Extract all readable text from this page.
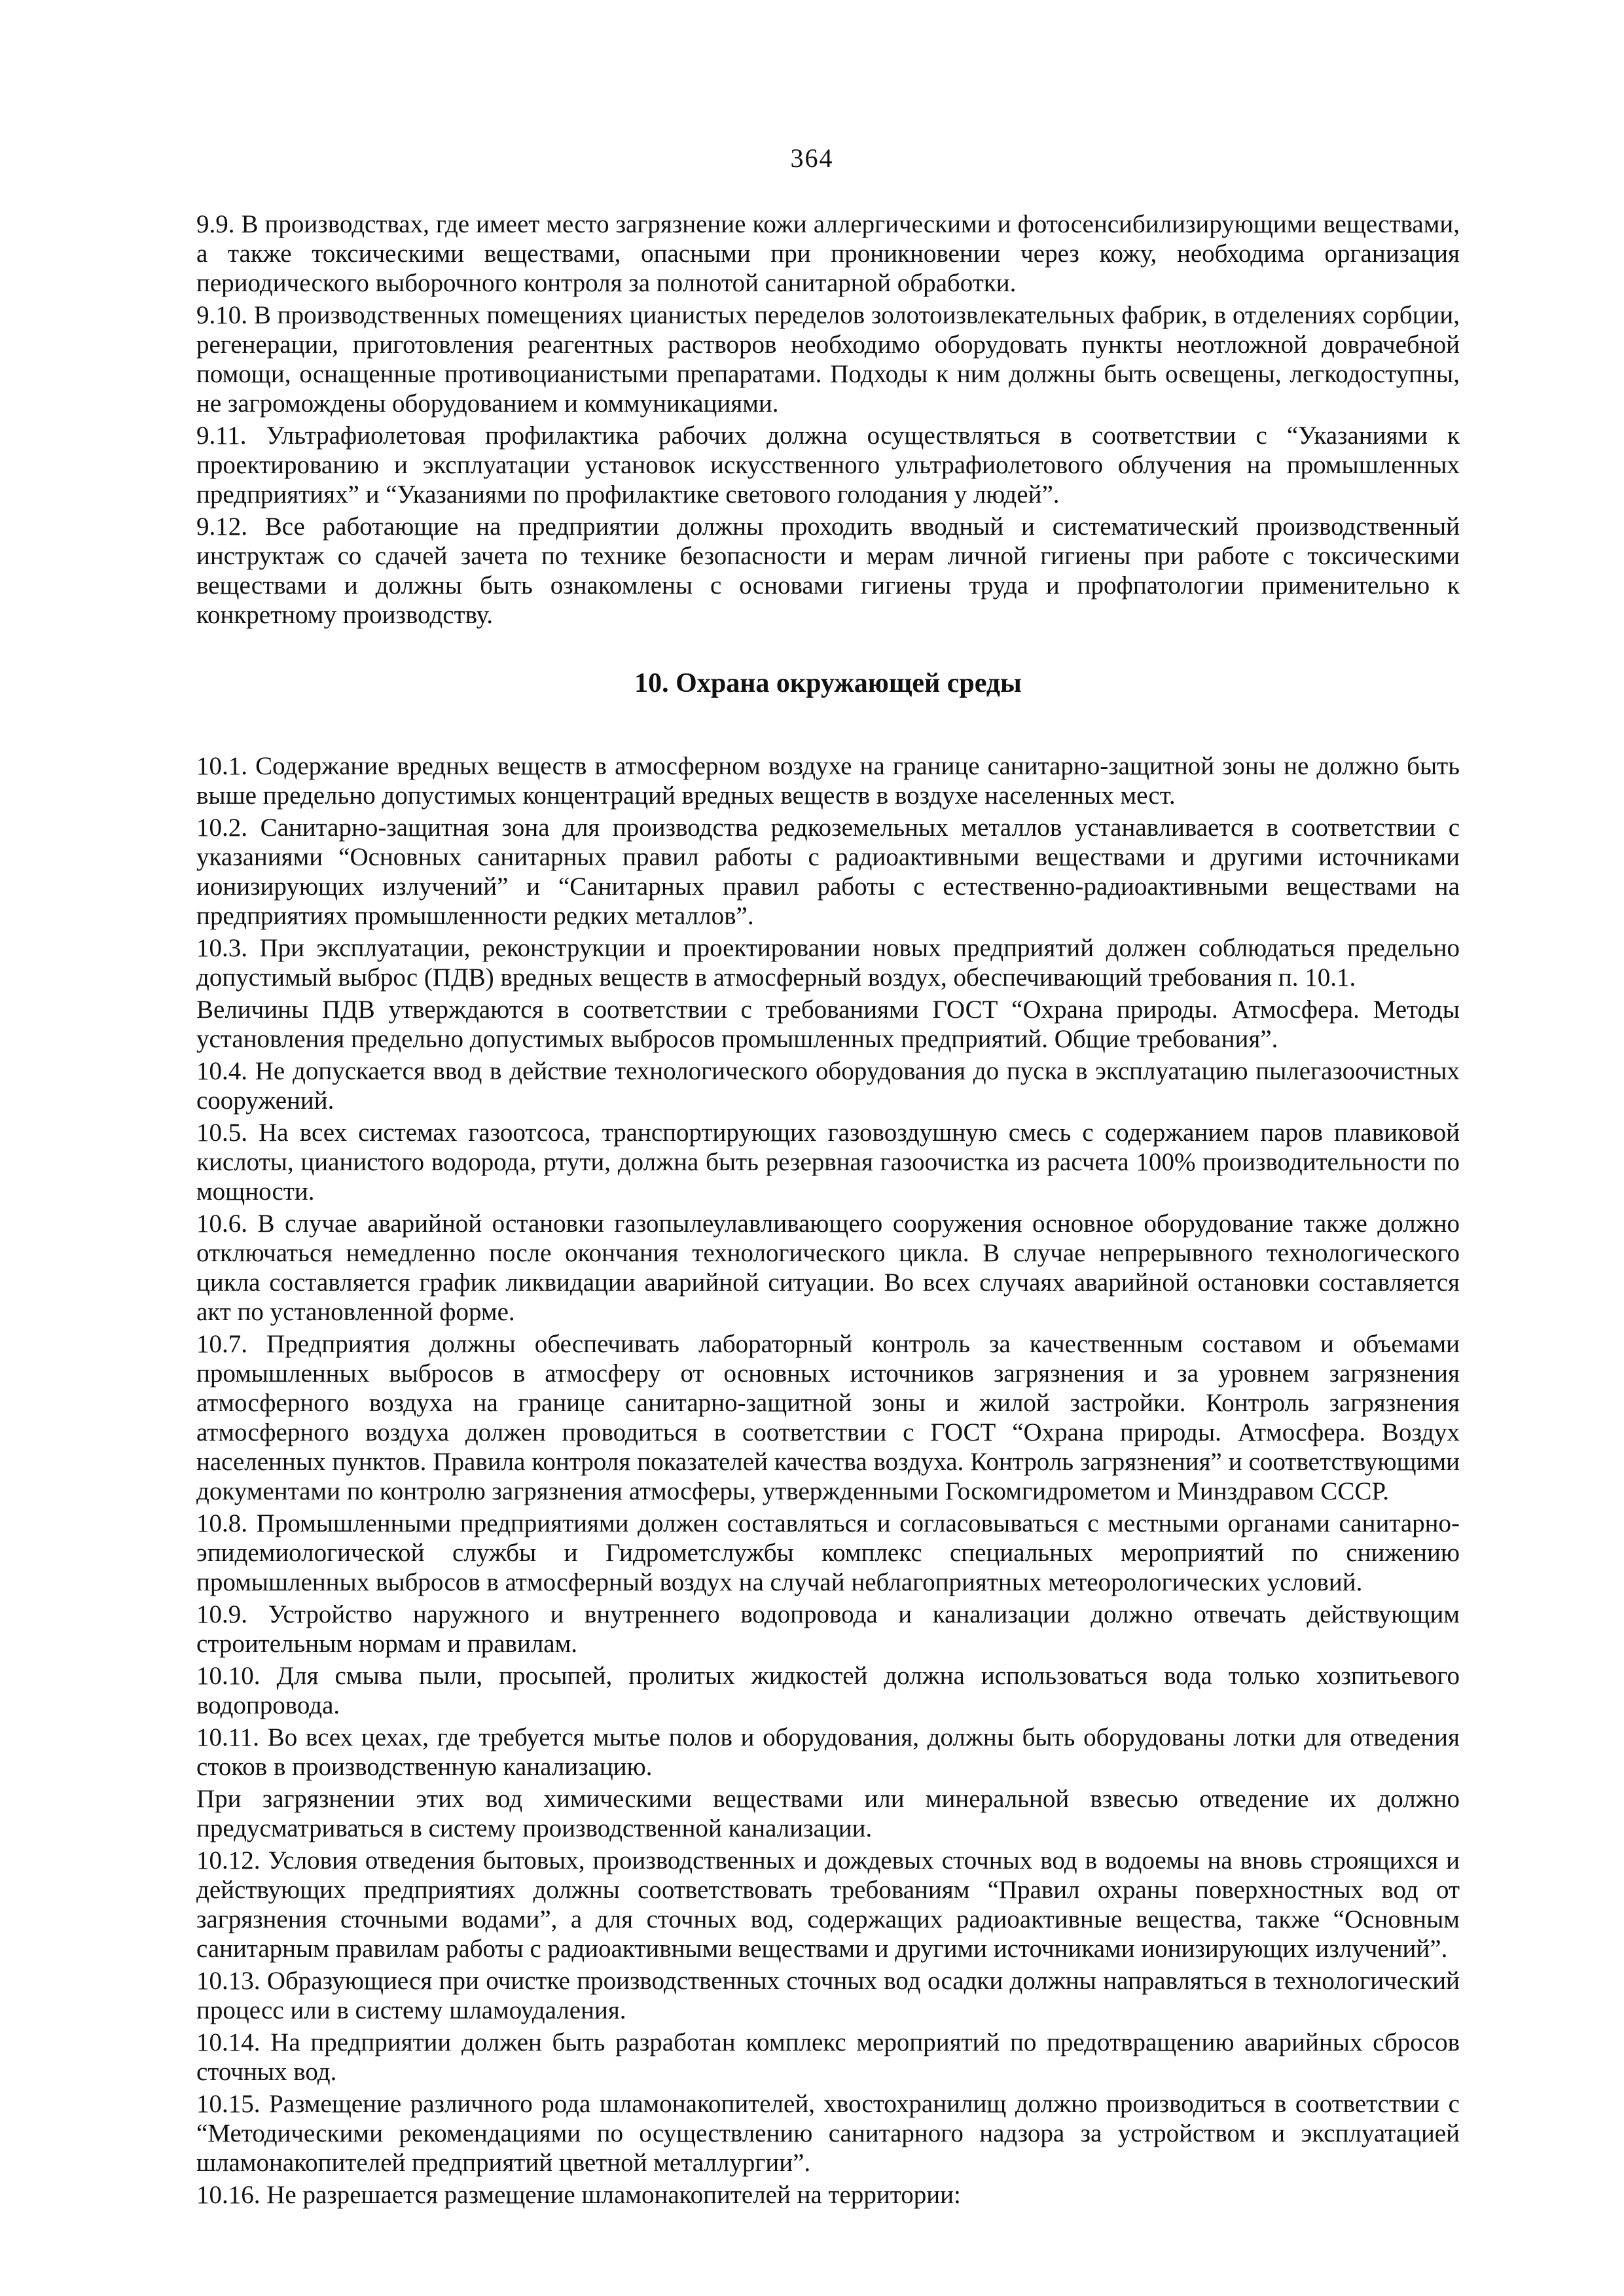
364

9.9. В производствах, где имеет место загрязнение кожи аллергическими и фотосенсибилизирующими веществами, а также токсическими веществами, опасными при проникновении через кожу, необходима организация периодического выборочного контроля за полнотой санитарной обработки.

9.10. В производственных помещениях цианистых переделов золотоизвлекательных фабрик, в отделениях сорбции, регенерации, приготовления реагентных растворов необходимо оборудовать пункты неотложной доврачебной помощи, оснащенные противоцианистыми препаратами. Подходы к ним должны быть освещены, легкодоступны, не загромождены оборудованием и коммуникациями.

9.11. Ультрафиолетовая профилактика рабочих должна осуществляться в соответствии с “Указаниями к проектированию и эксплуатации установок искусственного ультрафиолетового облучения на промышленных предприятиях” и “Указаниями по профилактике светового голодания у людей”.

9.12. Все работающие на предприятии должны проходить вводный и систематический производственный инструктаж со сдачей зачета по технике безопасности и мерам личной гигиены при работе с токсическими веществами и должны быть ознакомлены с основами гигиены труда и профпатологии применительно к конкретному производству.

10. Охрана окружающей среды

10.1. Содержание вредных веществ в атмосферном воздухе на границе санитарно-защитной зоны не должно быть выше предельно допустимых концентраций вредных веществ в воздухе населенных мест.

10.2. Санитарно-защитная зона для производства редкоземельных металлов устанавливается в соответствии с указаниями “Основных санитарных правил работы с радиоактивными веществами и другими источниками ионизирующих излучений” и “Санитарных правил работы с естественно-радиоактивными веществами на предприятиях промышленности редких металлов”.

10.3. При эксплуатации, реконструкции и проектировании новых предприятий должен соблюдаться предельно допустимый выброс (ПДВ) вредных веществ в атмосферный воздух, обеспечивающий требования п. 10.1.

Величины ПДВ утверждаются в соответствии с требованиями ГОСТ “Охрана природы. Атмосфера. Методы установления предельно допустимых выбросов промышленных предприятий. Общие требования”.

10.4. Не допускается ввод в действие технологического оборудования до пуска в эксплуатацию пылегазоочистных сооружений.

10.5. На всех системах газоотсоса, транспортирующих газовоздушную смесь с содержанием паров плавиковой кислоты, цианистого водорода, ртути, должна быть резервная газоочистка из расчета 100% производительности по мощности.

10.6. В случае аварийной остановки газопылеулавливающего сооружения основное оборудование также должно отключаться немедленно после окончания технологического цикла. В случае непрерывного технологического цикла составляется график ликвидации аварийной ситуации. Во всех случаях аварийной остановки составляется акт по установленной форме.

10.7. Предприятия должны обеспечивать лабораторный контроль за качественным составом и объемами промышленных выбросов в атмосферу от основных источников загрязнения и за уровнем загрязнения атмосферного воздуха на границе санитарно-защитной зоны и жилой застройки. Контроль загрязнения атмосферного воздуха должен проводиться в соответствии с ГОСТ “Охрана природы. Атмосфера. Воздух населенных пунктов. Правила контроля показателей качества воздуха. Контроль загрязнения” и соответствующими документами по контролю загрязнения атмосферы, утвержденными Госкомгидрометом и Минздравом СССР.

10.8. Промышленными предприятиями должен составляться и согласовываться с местными органами санитарно-эпидемиологической службы и Гидрометслужбы комплекс специальных мероприятий по снижению промышленных выбросов в атмосферный воздух на случай неблагоприятных метеорологических условий.

10.9. Устройство наружного и внутреннего водопровода и канализации должно отвечать действующим строительным нормам и правилам.

10.10. Для смыва пыли, просыпей, пролитых жидкостей должна использоваться вода только хозпитьевого водопровода.

10.11. Во всех цехах, где требуется мытье полов и оборудования, должны быть оборудованы лотки для отведения стоков в производственную канализацию.

При загрязнении этих вод химическими веществами или минеральной взвесью отведение их должно предусматриваться в систему производственной канализации.

10.12. Условия отведения бытовых, производственных и дождевых сточных вод в водоемы на вновь строящихся и действующих предприятиях должны соответствовать требованиям “Правил охраны поверхностных вод от загрязнения сточными водами”, а для сточных вод, содержащих радиоактивные вещества, также “Основным санитарным правилам работы с радиоактивными веществами и другими источниками ионизирующих излучений”.

10.13. Образующиеся при очистке производственных сточных вод осадки должны направляться в технологический процесс или в систему шламоудаления.

10.14. На предприятии должен быть разработан комплекс мероприятий по предотвращению аварийных сбросов сточных вод.

10.15. Размещение различного рода шламонакопителей, хвостохранилищ должно производиться в соответствии с “Методическими рекомендациями по осуществлению санитарного надзора за устройством и эксплуатацией шламонакопителей предприятий цветной металлургии”.

10.16. Не разрешается размещение шламонакопителей на территории:
